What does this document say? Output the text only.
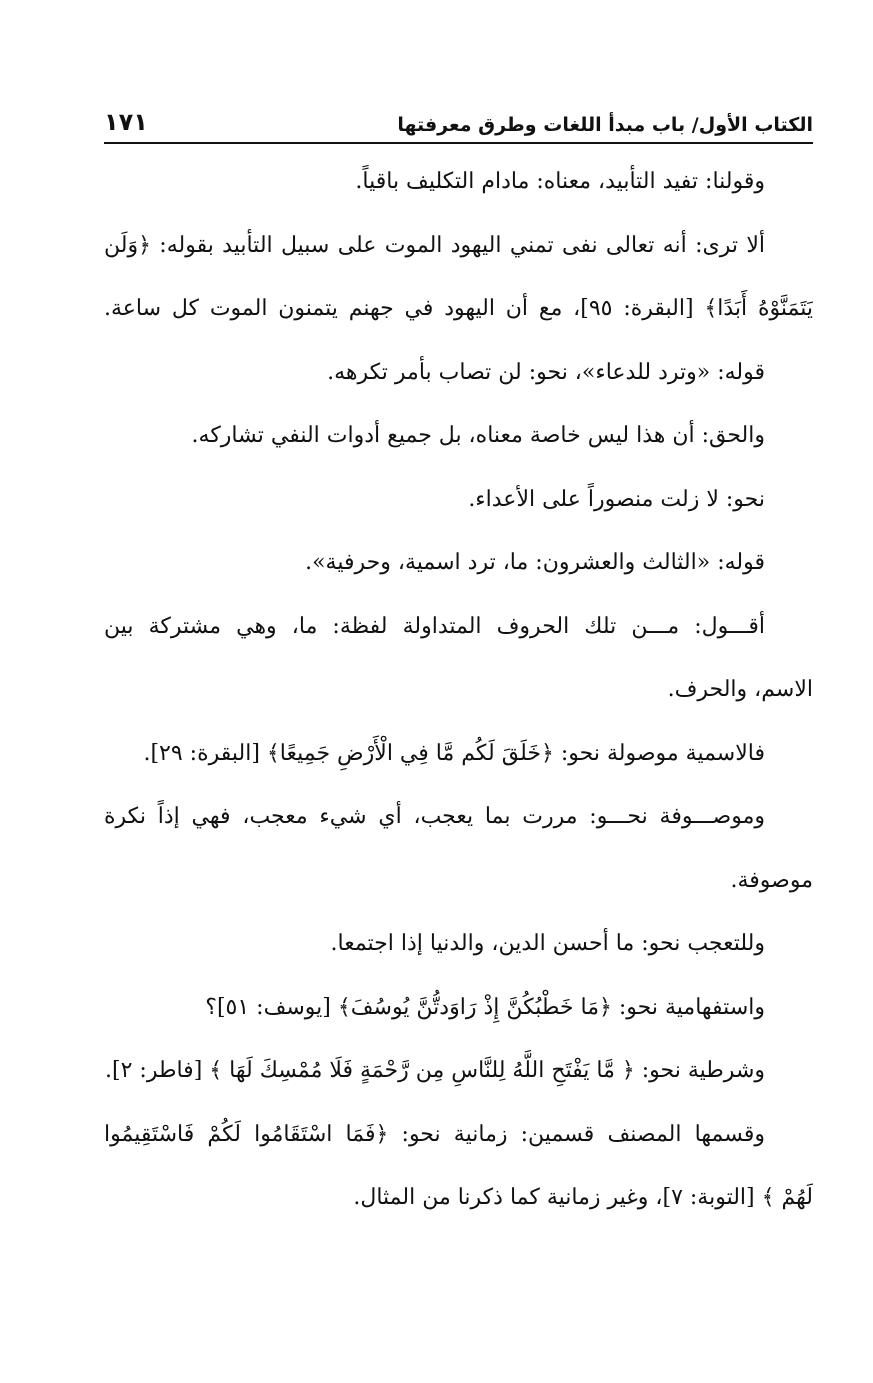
الكتاب الأول/ باب مبدأ اللغات وطرق معرفتها
١٧١
وقولنا: تفيد التأبيد، معناه: مادام التكليف باقياً.
ألا ترى: أنه تعالى نفى تمني اليهود الموت على سبيل التأبيد بقوله: ﴿وَلَن
يَتَمَنَّوْهُ أَبَدًا﴾ [البقرة: ٩٥]، مع أن اليهود في جهنم يتمنون الموت كل ساعة.
قوله: «وترد للدعاء»، نحو: لن تصاب بأمر تكرهه.
والحق: أن هذا ليس خاصة معناه، بل جميع أدوات النفي تشاركه.
نحو: لا زلت منصوراً على الأعداء.
قوله: «الثالث والعشرون: ما، ترد اسمية، وحرفية».
أقـــول: مـــن تلك الحروف المتداولة لفظة: ما، وهي مشتركة بين
الاسم، والحرف.
فالاسمية موصولة نحو: ﴿خَلَقَ لَكُم مَّا فِي الْأَرْضِ جَمِيعًا﴾ [البقرة: ٢٩].
وموصـــوفة نحـــو: مررت بما يعجب، أي شيء معجب، فهي إذاً نكرة
موصوفة.
وللتعجب نحو: ما أحسن الدين، والدنيا إذا اجتمعا.
واستفهامية نحو: ﴿مَا خَطْبُكُنَّ إِذْ رَاوَدتُّنَّ يُوسُفَ﴾ [يوسف: ٥١]؟
وشرطية نحو: ﴿ مَّا يَفْتَحِ اللَّهُ لِلنَّاسِ مِن رَّحْمَةٍ فَلَا مُمْسِكَ لَهَا ﴾ [فاطر: ٢].
وقسمها المصنف قسمين: زمانية نحو: ﴿فَمَا اسْتَقَامُوا لَكُمْ فَاسْتَقِيمُوا
لَهُمْ ﴾ [التوبة: ٧]، وغير زمانية كما ذكرنا من المثال.
